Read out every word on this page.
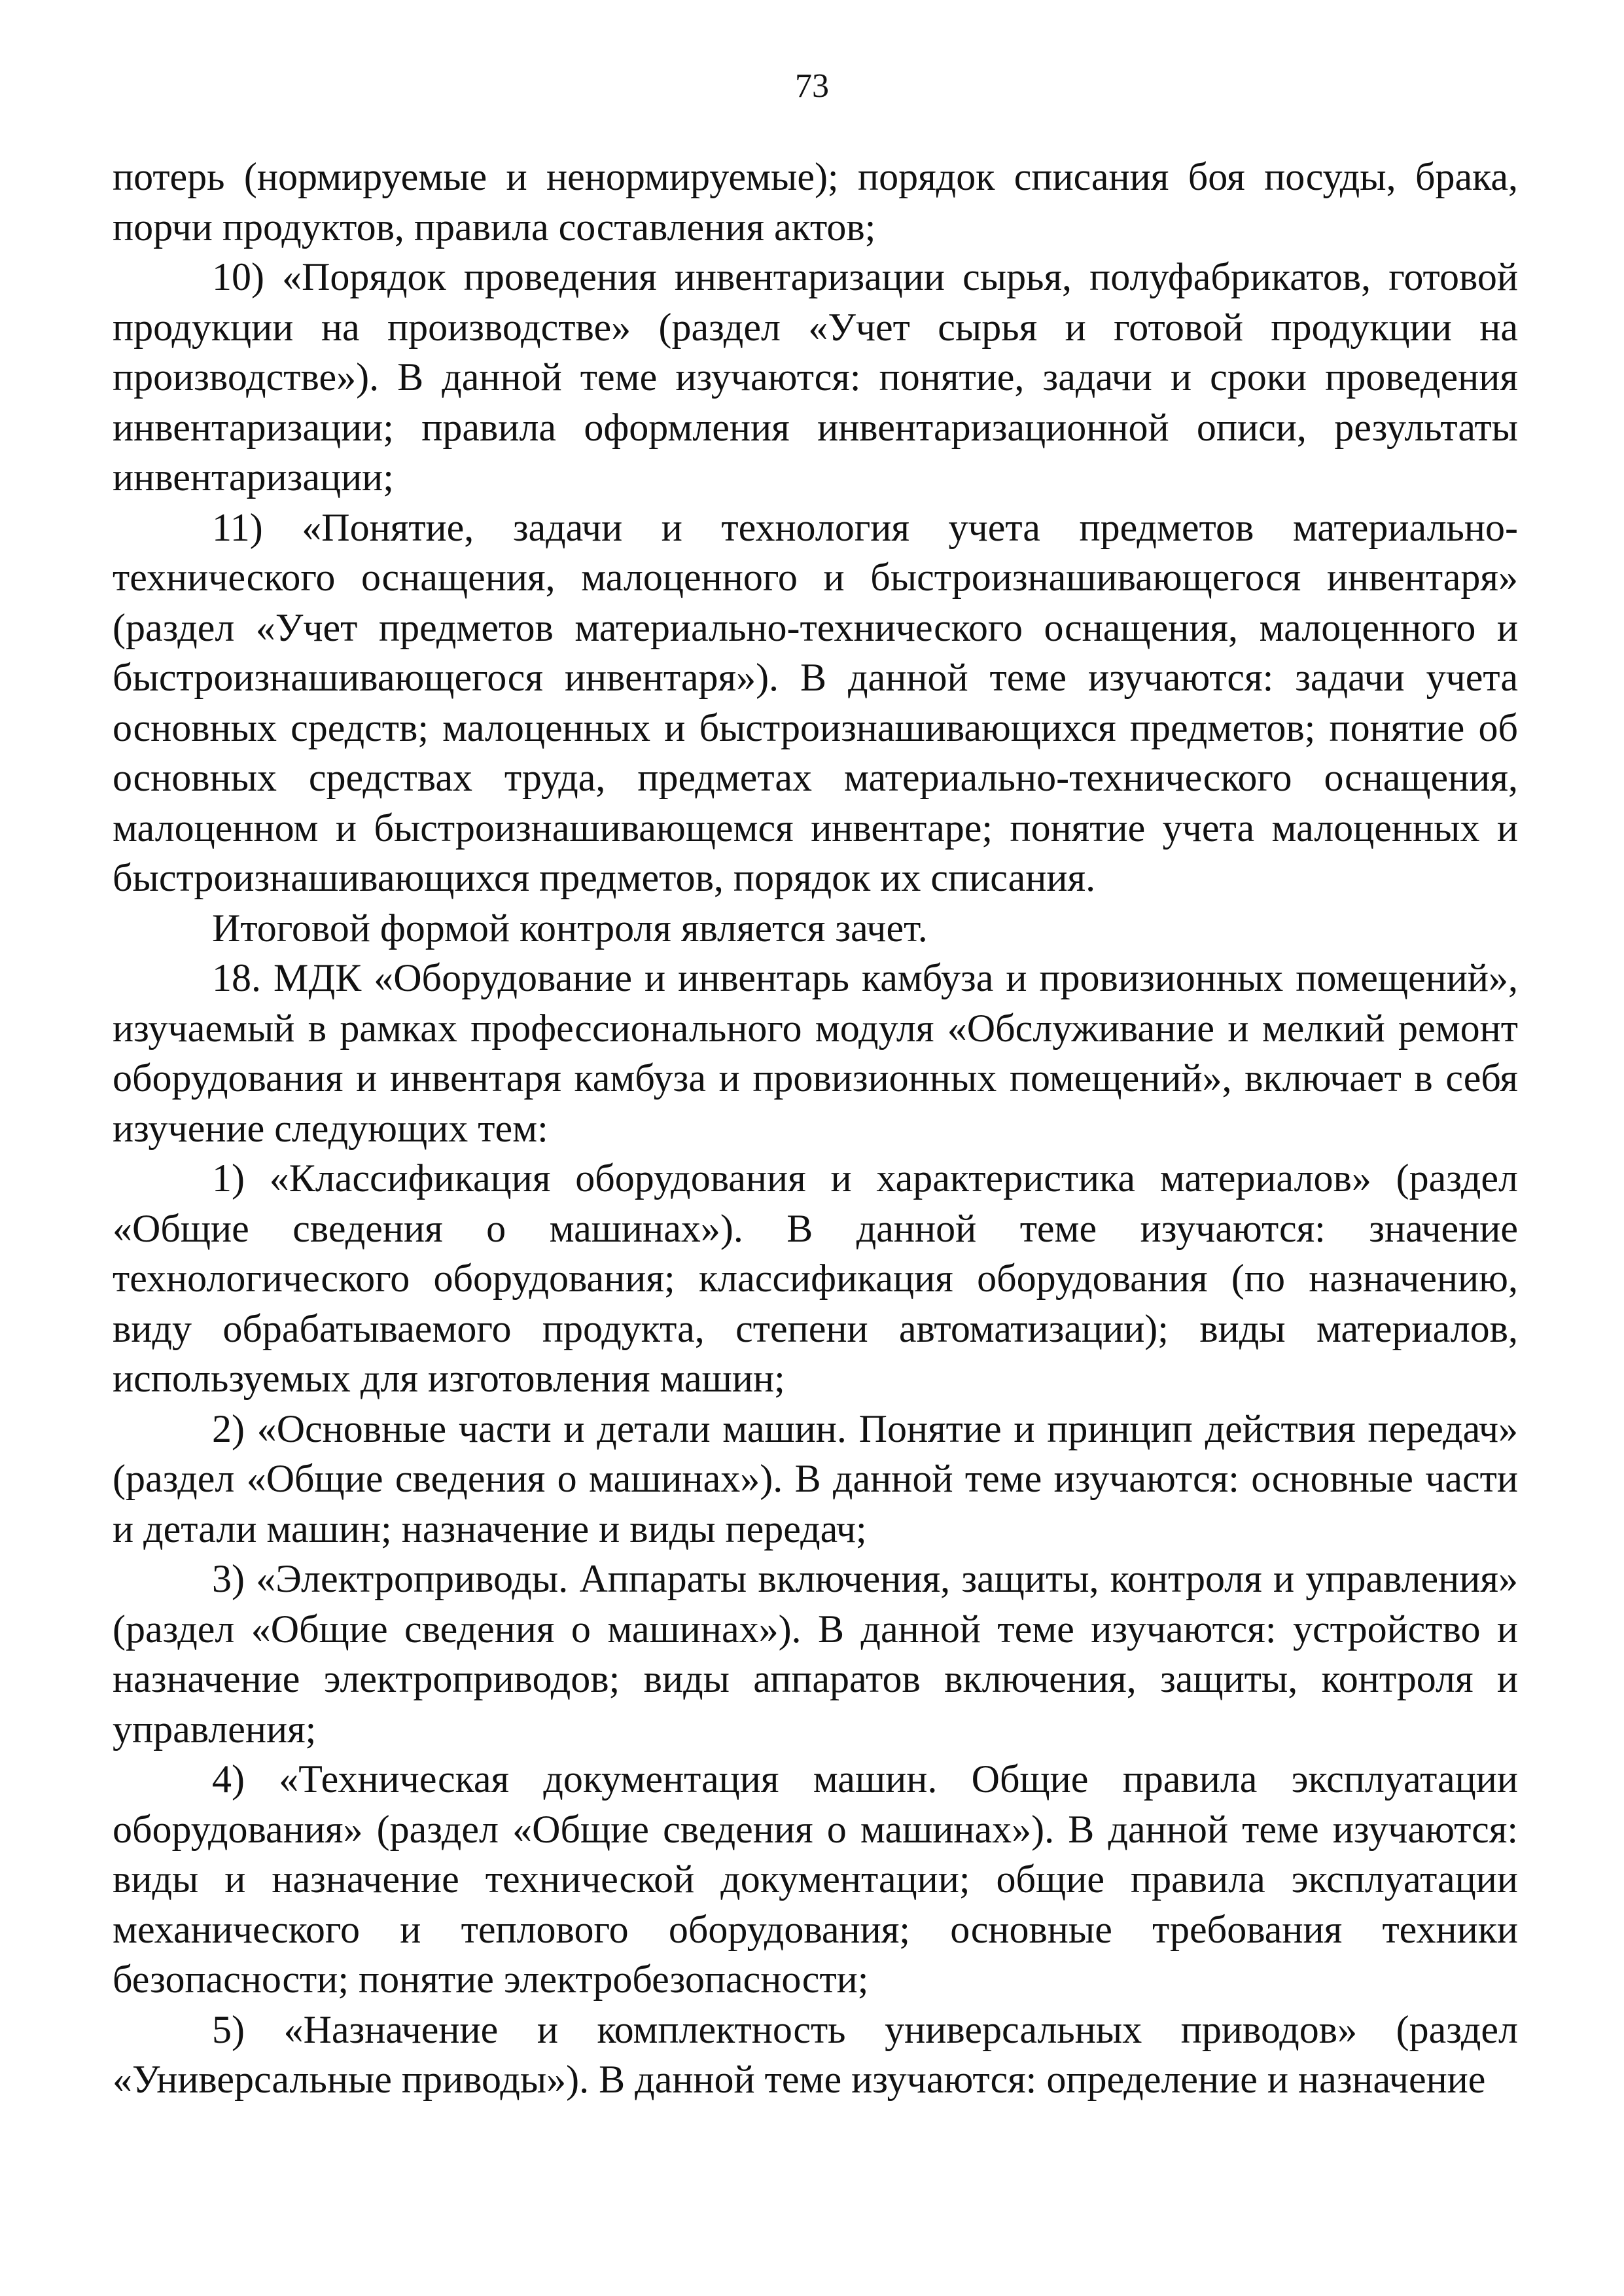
73

потерь (нормируемые и ненормируемые); порядок списания боя посуды, брака, порчи продуктов, правила составления актов;

10) «Порядок проведения инвентаризации сырья, полуфабрикатов, готовой продукции на производстве» (раздел «Учет сырья и готовой продукции на производстве»). В данной теме изучаются: понятие, задачи и сроки проведения инвентаризации; правила оформления инвентаризационной описи, результаты инвентаризации;

11) «Понятие, задачи и технология учета предметов материально-технического оснащения, малоценного и быстроизнашивающегося инвентаря» (раздел «Учет предметов материально-технического оснащения, малоценного и быстроизнашивающегося инвентаря»). В данной теме изучаются: задачи учета основных средств; малоценных и быстроизнашивающихся предметов; понятие об основных средствах труда, предметах материально-технического оснащения, малоценном и быстроизнашивающемся инвентаре; понятие учета малоценных и быстроизнашивающихся предметов, порядок их списания.

Итоговой формой контроля является зачет.

18. МДК «Оборудование и инвентарь камбуза и провизионных помещений», изучаемый в рамках профессионального модуля «Обслуживание и мелкий ремонт оборудования и инвентаря камбуза и провизионных помещений», включает в себя изучение следующих тем:

1) «Классификация оборудования и характеристика материалов» (раздел «Общие сведения о машинах»). В данной теме изучаются: значение технологического оборудования; классификация оборудования (по назначению, виду обрабатываемого продукта, степени автоматизации); виды материалов, используемых для изготовления машин;

2) «Основные части и детали машин. Понятие и принцип действия передач» (раздел «Общие сведения о машинах»). В данной теме изучаются: основные части и детали машин; назначение и виды передач;

3) «Электроприводы. Аппараты включения, защиты, контроля и управления» (раздел «Общие сведения о машинах»). В данной теме изучаются: устройство и назначение электроприводов; виды аппаратов включения, защиты, контроля и управления;

4) «Техническая документация машин. Общие правила эксплуатации оборудования» (раздел «Общие сведения о машинах»). В данной теме изучаются: виды и назначение технической документации; общие правила эксплуатации механического и теплового оборудования; основные требования техники безопасности; понятие электробезопасности;

5) «Назначение и комплектность универсальных приводов» (раздел «Универсальные приводы»). В данной теме изучаются: определение и назначение
